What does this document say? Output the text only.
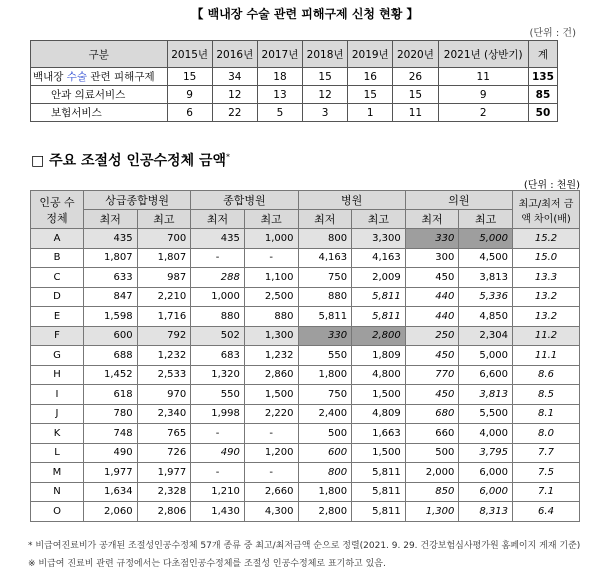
【 백내장 수술 관련 피해구제 신청 현황 】
(단위 : 건)
구분	2015년	2016년	2017년	2018년	2019년	2020년	2021년 (상반기)	계
백내장 수술 관련 피해구제	15	34	18	15	16	26	11	135
안과 의료서비스	9	12	13	12	15	15	9	85
보험서비스	6	22	5	3	1	11	2	50
□ 주요 조절성 인공수정체 금액*
(단위 : 천원)
인공 수정체	상급종합병원		종합병원		병원		의원		최고/최저 금액 차이(배)
	최저	최고	최저	최고	최저	최고	최저	최고	
A	435	700	435	1,000	800	3,300	330	5,000	15.2
B	1,807	1,807	-	-	4,163	4,163	300	4,500	15.0
C	633	987	288	1,100	750	2,009	450	3,813	13.3
D	847	2,210	1,000	2,500	880	5,811	440	5,336	13.2
E	1,598	1,716	880	880	5,811	5,811	440	4,850	13.2
F	600	792	502	1,300	330	2,800	250	2,304	11.2
G	688	1,232	683	1,232	550	1,809	450	5,000	11.1
H	1,452	2,533	1,320	2,860	1,800	4,800	770	6,600	8.6
I	618	970	550	1,500	750	1,500	450	3,813	8.5
J	780	2,340	1,998	2,220	2,400	4,809	680	5,500	8.1
K	748	765	-	-	500	1,663	660	4,000	8.0
L	490	726	490	1,200	600	1,500	500	3,795	7.7
M	1,977	1,977	-	-	800	5,811	2,000	6,000	7.5
N	1,634	2,328	1,210	2,660	1,800	5,811	850	6,000	7.1
O	2,060	2,806	1,430	4,300	2,800	5,811	1,300	8,313	6.4
* 비급여진료비가 공개된 조절성인공수정체 57개 종류 중 최고/최저금액 순으로 정렬(2021. 9. 29. 건강보험심사평가원 홈페이지 게재 기준)
※ 비급여 진료비 관련 규정에서는 다초점인공수정체를 조절성 인공수정체로 표기하고 있음.
